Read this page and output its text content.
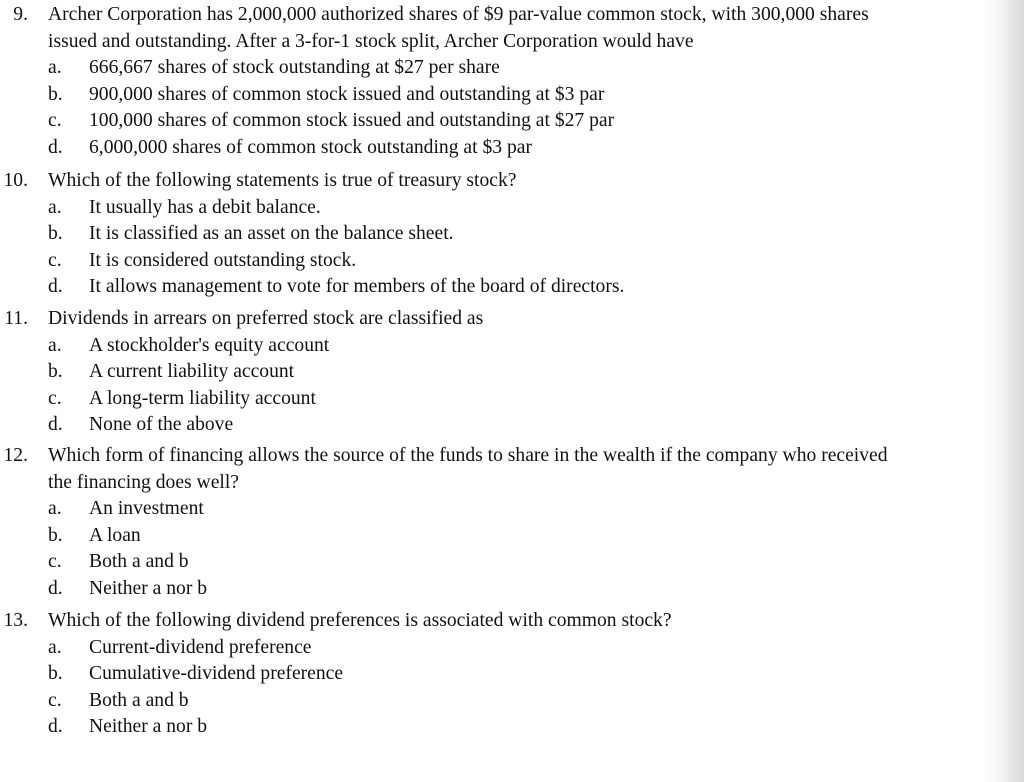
9. Archer Corporation has 2,000,000 authorized shares of $9 par-value common stock, with 300,000 shares
issued and outstanding. After a 3-for-1 stock split, Archer Corporation would have
a. 666,667 shares of stock outstanding at $27 per share
b. 900,000 shares of common stock issued and outstanding at $3 par
c. 100,000 shares of common stock issued and outstanding at $27 par
d. 6,000,000 shares of common stock outstanding at $3 par
10. Which of the following statements is true of treasury stock?
a. It usually has a debit balance.
b. It is classified as an asset on the balance sheet.
c. It is considered outstanding stock.
d. It allows management to vote for members of the board of directors.
11. Dividends in arrears on preferred stock are classified as
a. A stockholder's equity account
b. A current liability account
c. A long-term liability account
d. None of the above
12. Which form of financing allows the source of the funds to share in the wealth if the company who received
the financing does well?
a. An investment
b. A loan
c. Both a and b
d. Neither a nor b
13. Which of the following dividend preferences is associated with common stock?
a. Current-dividend preference
b. Cumulative-dividend preference
c. Both a and b
d. Neither a nor b
